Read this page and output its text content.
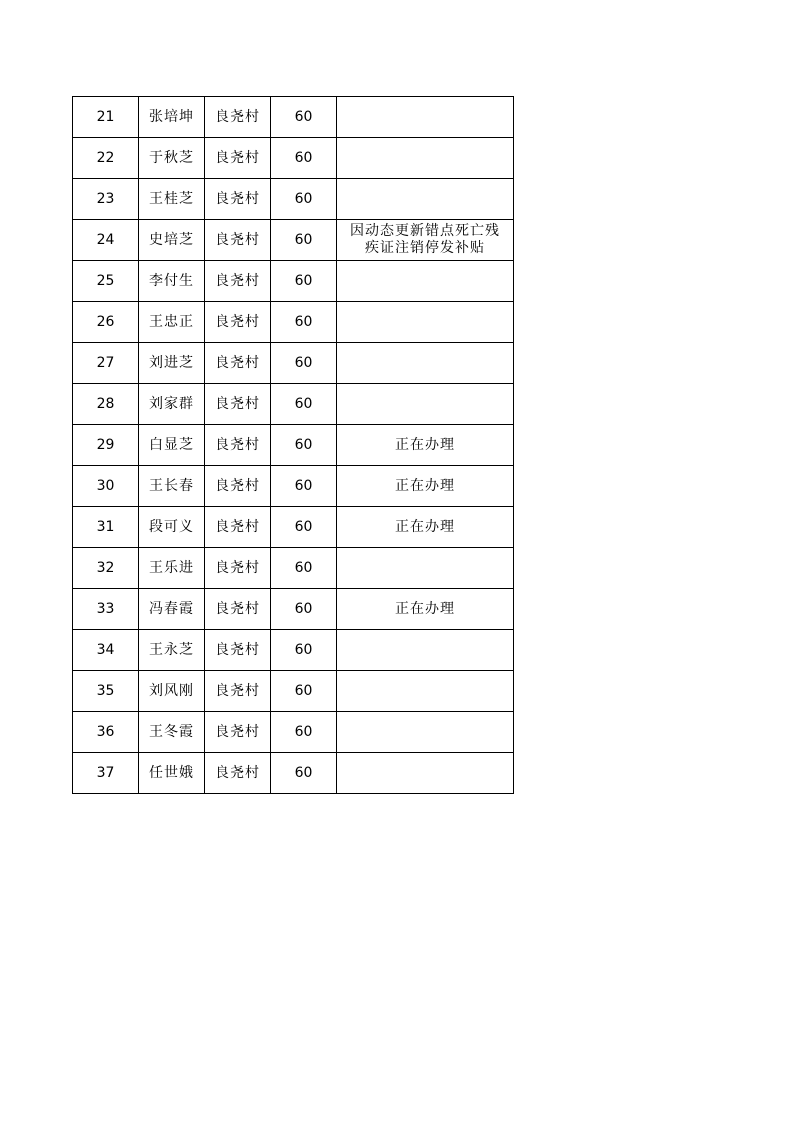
21	张培坤	良尧村	60	
22	于秋芝	良尧村	60	
23	王桂芝	良尧村	60	
24	史培芝	良尧村	60	因动态更新错点死亡残疾证注销停发补贴
25	李付生	良尧村	60	
26	王忠正	良尧村	60	
27	刘进芝	良尧村	60	
28	刘家群	良尧村	60	
29	白显芝	良尧村	60	正在办理
30	王长春	良尧村	60	正在办理
31	段可义	良尧村	60	正在办理
32	王乐进	良尧村	60	
33	冯春霞	良尧村	60	正在办理
34	王永芝	良尧村	60	
35	刘风刚	良尧村	60	
36	王冬霞	良尧村	60	
37	任世娥	良尧村	60	
